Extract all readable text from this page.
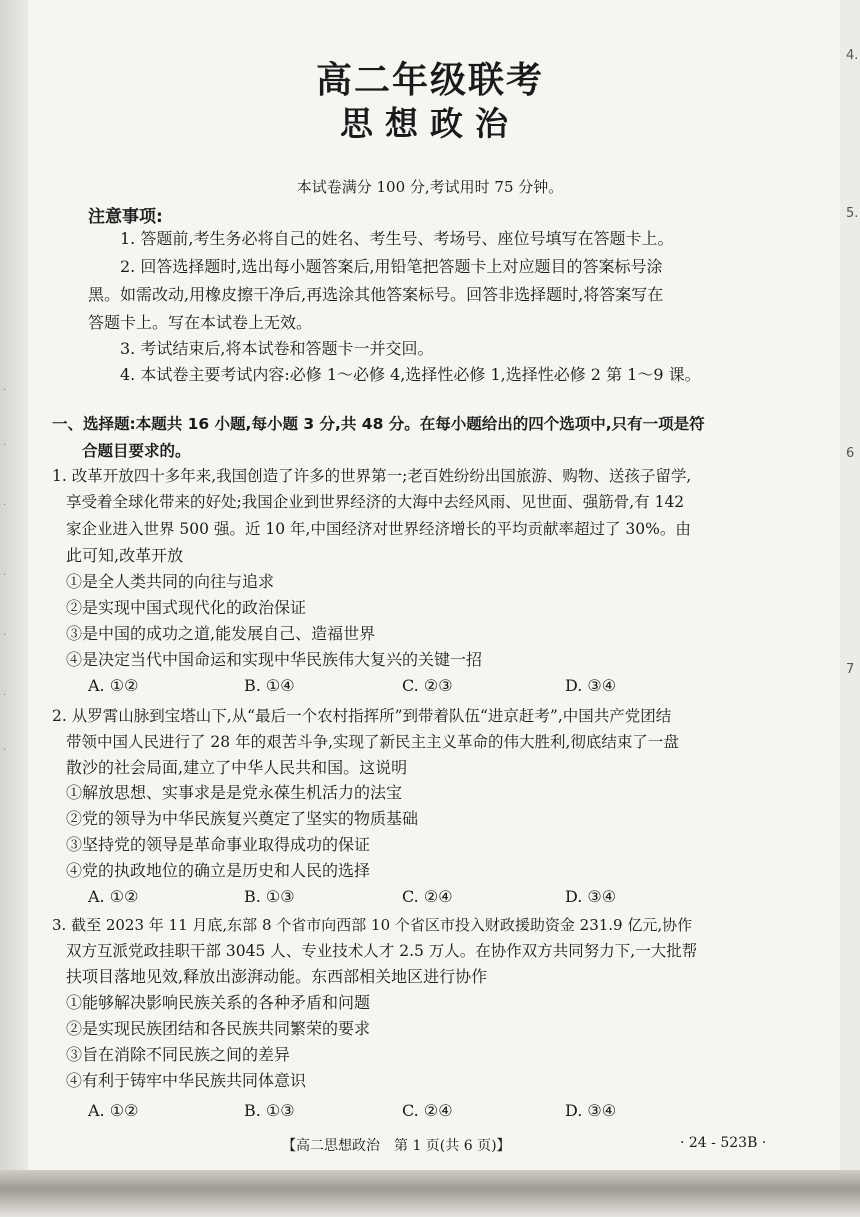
·
·
·
·
·
·
·
4.
5.
6
7
高二年级联考
思想政治
本试卷满分 100 分,考试用时 75 分钟。
注意事项:
1. 答题前,考生务必将自己的姓名、考生号、考场号、座位号填写在答题卡上。
2. 回答选择题时,选出每小题答案后,用铅笔把答题卡上对应题目的答案标号涂
黑。如需改动,用橡皮擦干净后,再选涂其他答案标号。回答非选择题时,将答案写在
答题卡上。写在本试卷上无效。
3. 考试结束后,将本试卷和答题卡一并交回。
4. 本试卷主要考试内容:必修 1～必修 4,选择性必修 1,选择性必修 2 第 1～9 课。
一、选择题:本题共 16 小题,每小题 3 分,共 48 分。在每小题给出的四个选项中,只有一项是符
合题目要求的。
1. 改革开放四十多年来,我国创造了许多的世界第一;老百姓纷纷出国旅游、购物、送孩子留学,
享受着全球化带来的好处;我国企业到世界经济的大海中去经风雨、见世面、强筋骨,有 142
家企业进入世界 500 强。近 10 年,中国经济对世界经济增长的平均贡献率超过了 30%。由
此可知,改革开放
①是全人类共同的向往与追求
②是实现中国式现代化的政治保证
③是中国的成功之道,能发展自己、造福世界
④是决定当代中国命运和实现中华民族伟大复兴的关键一招
A. ①②	B. ①④	C. ②③	D. ③④
2. 从罗霄山脉到宝塔山下,从“最后一个农村指挥所”到带着队伍“进京赶考”,中国共产党团结
带领中国人民进行了 28 年的艰苦斗争,实现了新民主主义革命的伟大胜利,彻底结束了一盘
散沙的社会局面,建立了中华人民共和国。这说明
①解放思想、实事求是是党永葆生机活力的法宝
②党的领导为中华民族复兴奠定了坚实的物质基础
③坚持党的领导是革命事业取得成功的保证
④党的执政地位的确立是历史和人民的选择
A. ①②	B. ①③	C. ②④	D. ③④
3. 截至 2023 年 11 月底,东部 8 个省市向西部 10 个省区市投入财政援助资金 231.9 亿元,协作
双方互派党政挂职干部 3045 人、专业技术人才 2.5 万人。在协作双方共同努力下,一大批帮
扶项目落地见效,释放出澎湃动能。东西部相关地区进行协作
①能够解决影响民族关系的各种矛盾和问题
②是实现民族团结和各民族共同繁荣的要求
③旨在消除不同民族之间的差异
④有利于铸牢中华民族共同体意识
A. ①②	B. ①③	C. ②④	D. ③④
【高二思想政治　第 1 页(共 6 页)】	· 24 - 523B ·
